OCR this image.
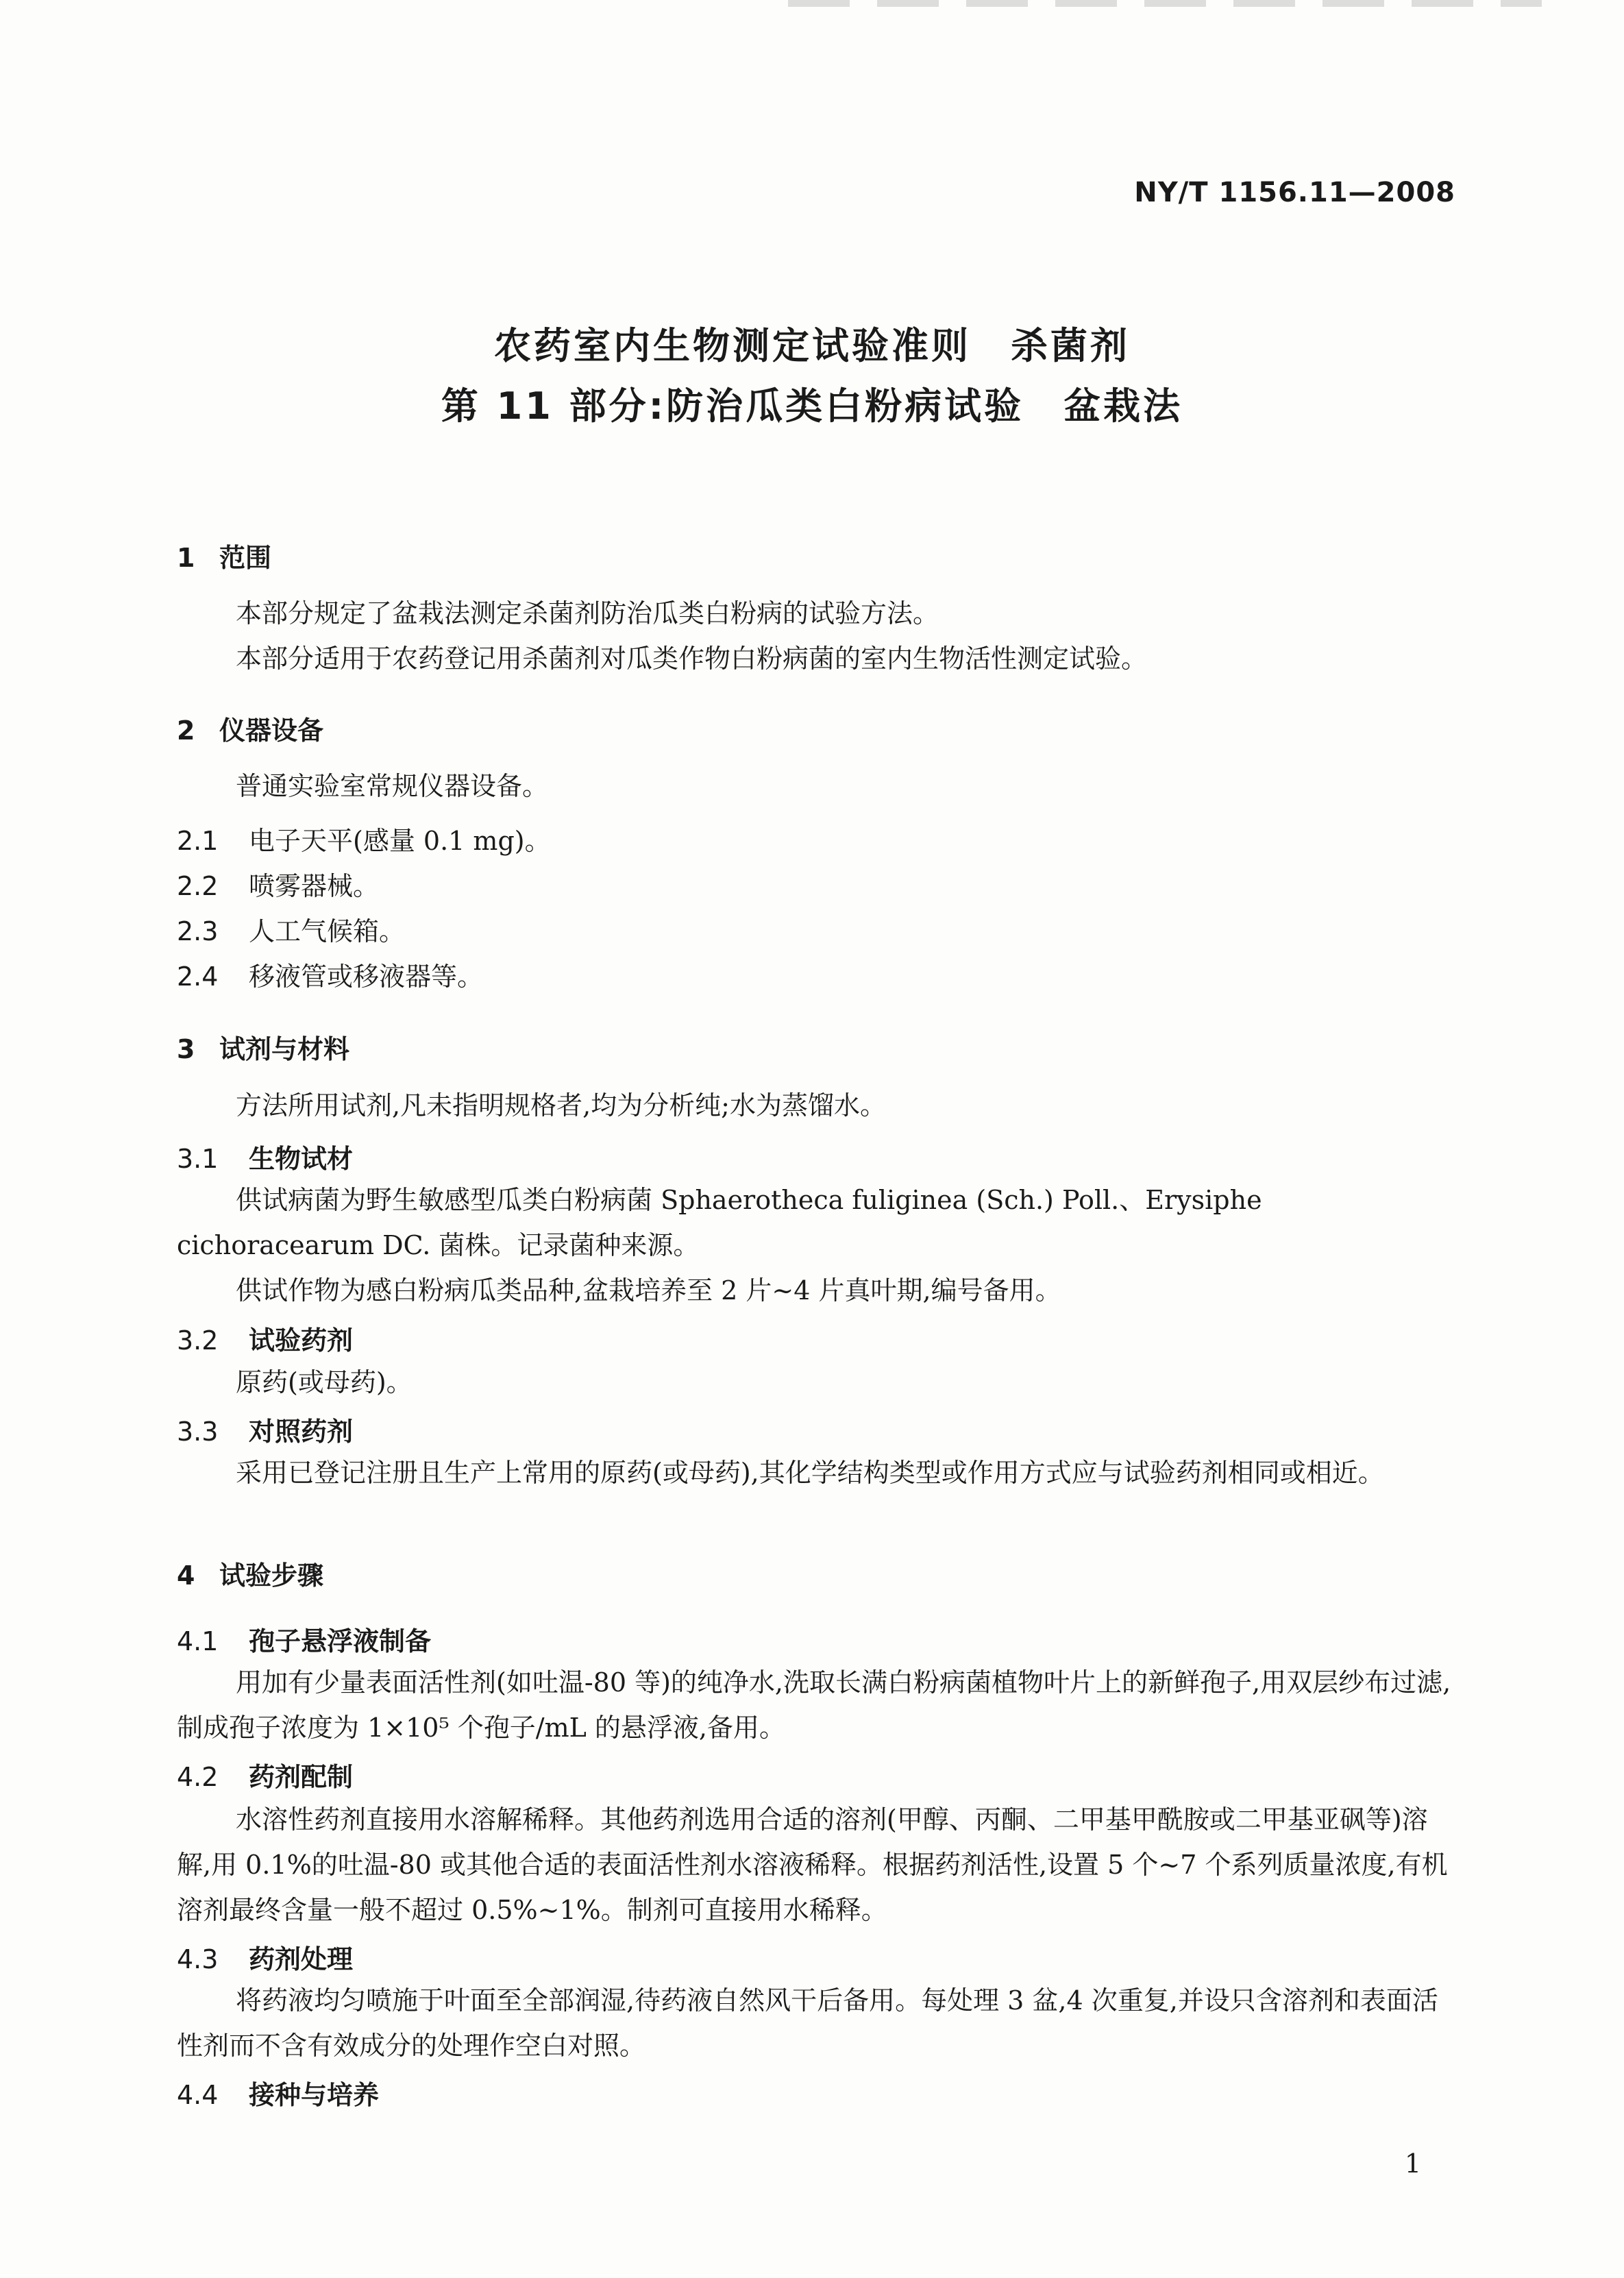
NY/T 1156.11—2008
农药室内生物测定试验准则　杀菌剂
第 11 部分:防治瓜类白粉病试验　盆栽法
1 范围
本部分规定了盆栽法测定杀菌剂防治瓜类白粉病的试验方法。
本部分适用于农药登记用杀菌剂对瓜类作物白粉病菌的室内生物活性测定试验。
2 仪器设备
普通实验室常规仪器设备。
2.1 电子天平(感量 0.1 mg)。
2.2 喷雾器械。
2.3 人工气候箱。
2.4 移液管或移液器等。
3 试剂与材料
方法所用试剂,凡未指明规格者,均为分析纯;水为蒸馏水。
3.1 生物试材
供试病菌为野生敏感型瓜类白粉病菌 Sphaerotheca fuliginea (Sch.) Poll.、Erysiphe cichoracearum DC. 菌株。记录菌种来源。
供试作物为感白粉病瓜类品种,盆栽培养至 2 片~4 片真叶期,编号备用。
3.2 试验药剂
原药(或母药)。
3.3 对照药剂
采用已登记注册且生产上常用的原药(或母药),其化学结构类型或作用方式应与试验药剂相同或相近。
4 试验步骤
4.1 孢子悬浮液制备
用加有少量表面活性剂(如吐温-80 等)的纯净水,洗取长满白粉病菌植物叶片上的新鲜孢子,用双层纱布过滤,制成孢子浓度为 1×10⁵ 个孢子/mL 的悬浮液,备用。
4.2 药剂配制
水溶性药剂直接用水溶解稀释。其他药剂选用合适的溶剂(甲醇、丙酮、二甲基甲酰胺或二甲基亚砜等)溶解,用 0.1%的吐温-80 或其他合适的表面活性剂水溶液稀释。根据药剂活性,设置 5 个~7 个系列质量浓度,有机溶剂最终含量一般不超过 0.5%~1%。制剂可直接用水稀释。
4.3 药剂处理
将药液均匀喷施于叶面至全部润湿,待药液自然风干后备用。每处理 3 盆,4 次重复,并设只含溶剂和表面活性剂而不含有效成分的处理作空白对照。
4.4 接种与培养
1
